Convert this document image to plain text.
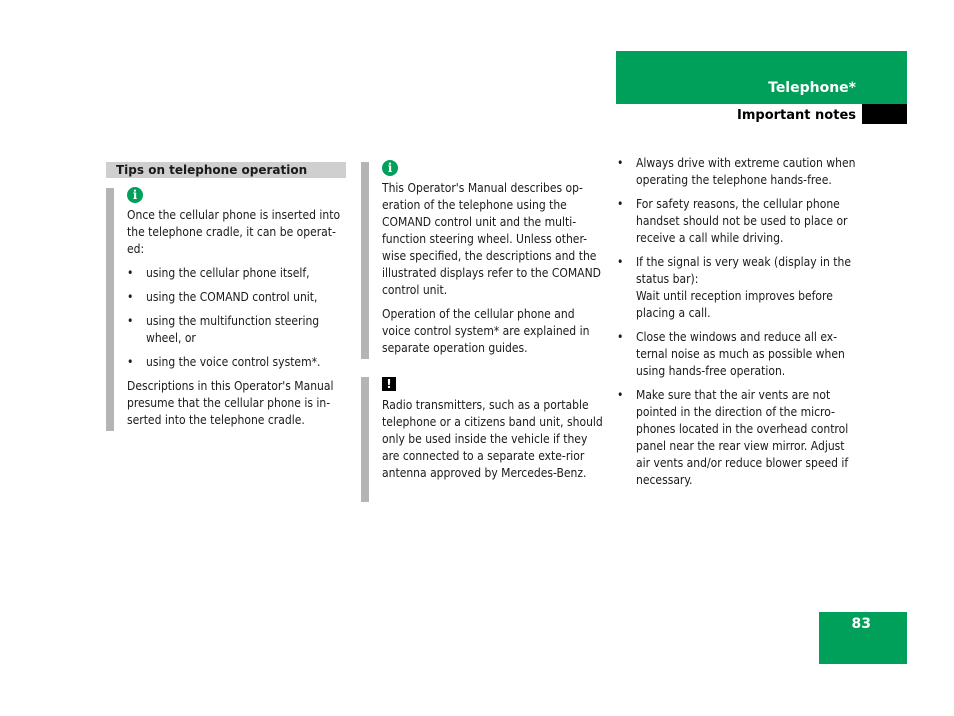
Telephone*
Important notes
Tips on telephone operation
i

Once the cellular phone is inserted into the telephone cradle, it can be operat-ed:

• using the cellular phone itself,
• using the COMAND control unit,
• using the multifunction steering wheel, or
• using the voice control system*.

Descriptions in this Operator's Manual presume that the cellular phone is in-serted into the telephone cradle.

i

This Operator's Manual describes op-eration of the telephone using the COMAND control unit and the multi-function steering wheel. Unless other-wise specified, the descriptions and the illustrated displays refer to the COMAND control unit.

Operation of the cellular phone and voice control system* are explained in separate operation guides.

!

Radio transmitters, such as a portable telephone or a citizens band unit, should only be used inside the vehicle if they are connected to a separate exte-rior antenna approved by Mercedes-Benz.

• Always drive with extreme caution when operating the telephone hands-free.
• For safety reasons, the cellular phone handset should not be used to place or receive a call while driving.
• If the signal is very weak (display in the status bar):
Wait until reception improves before placing a call.
• Close the windows and reduce all ex-ternal noise as much as possible when using hands-free operation.
• Make sure that the air vents are not pointed in the direction of the micro-phones located in the overhead control panel near the rear view mirror. Adjust air vents and/or reduce blower speed if necessary.
83
